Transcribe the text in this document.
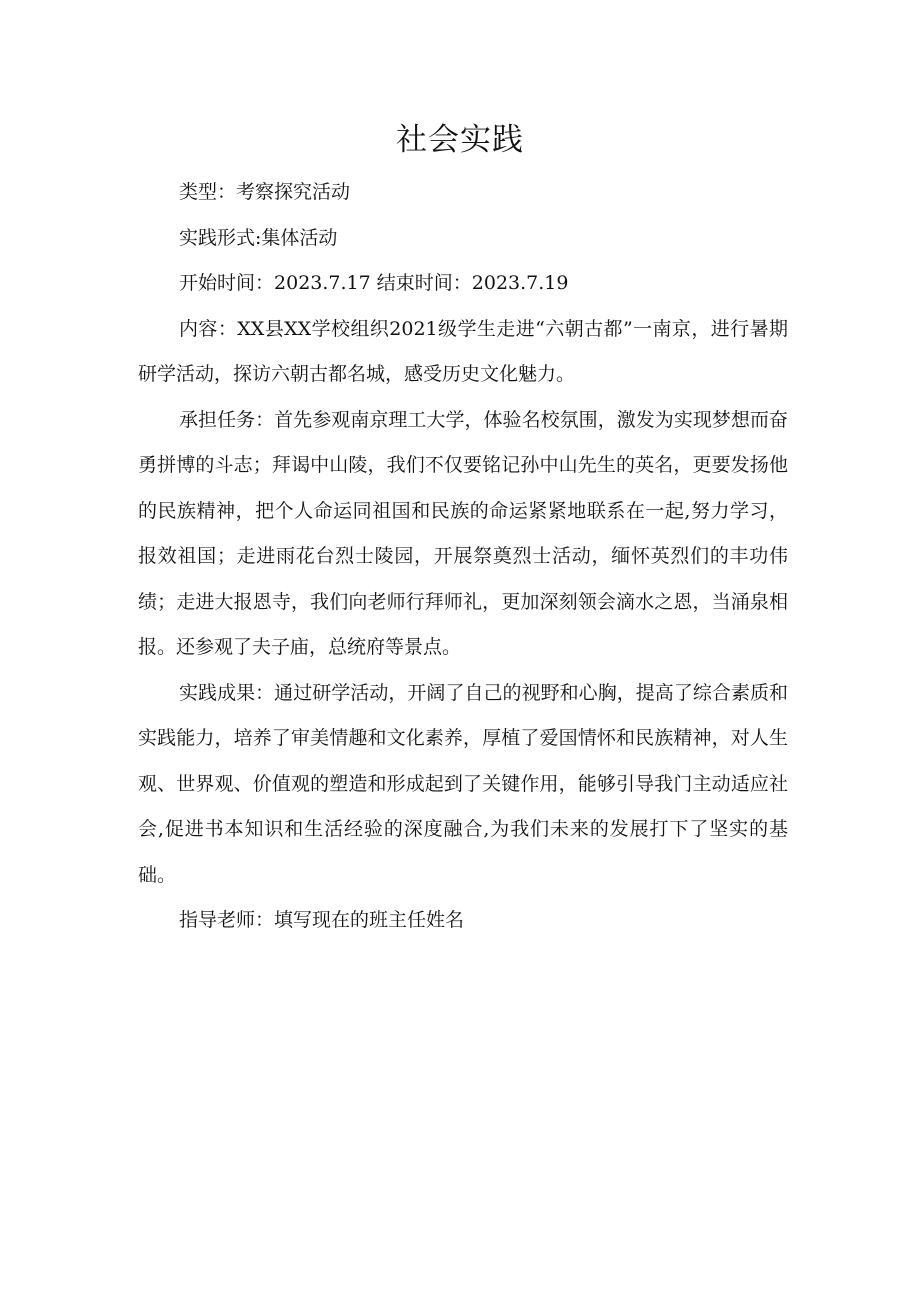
社会实践

类型：考察探究活动

实践形式:集体活动

开始时间：2023.7.17 结束时间：2023.7.19

内容：XX县XX学校组织2021级学生走进“六朝古都”一南京，进行暑期研学活动，探访六朝古都名城，感受历史文化魅力。

承担任务：首先参观南京理工大学，体验名校氛围，激发为实现梦想而奋勇拼博的斗志；拜谒中山陵，我们不仅要铭记孙中山先生的英名，更要发扬他的民族精神，把个人命运同祖国和民族的命运紧紧地联系在一起,努力学习，报效祖国；走进雨花台烈士陵园，开展祭奠烈士活动，缅怀英烈们的丰功伟绩；走进大报恩寺，我们向老师行拜师礼，更加深刻领会滴水之恩，当涌泉相报。还参观了夫子庙，总统府等景点。

实践成果：通过研学活动，开阔了自己的视野和心胸，提高了综合素质和实践能力，培养了审美情趣和文化素养，厚植了爱国情怀和民族精神，对人生观、世界观、价值观的塑造和形成起到了关键作用，能够引导我门主动适应社会,促进书本知识和生活经验的深度融合,为我们未来的发展打下了坚实的基础。

指导老师：填写现在的班主任姓名
